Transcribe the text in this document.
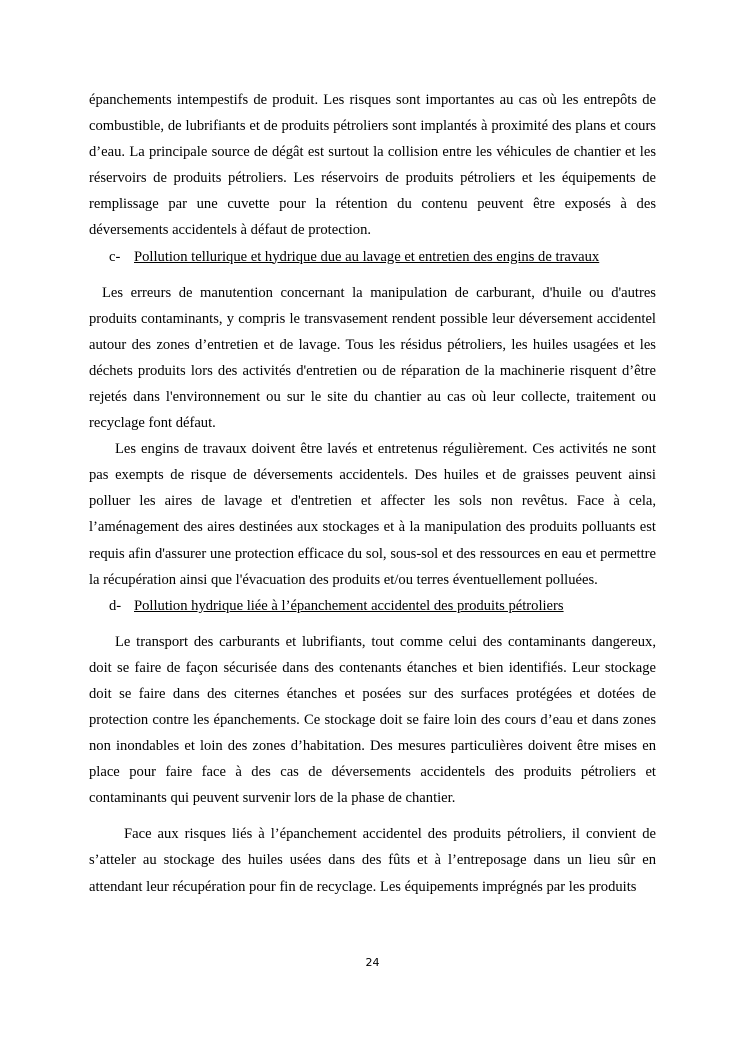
épanchements intempestifs de produit. Les risques sont importantes au cas où les entrepôts de combustible, de lubrifiants et de produits pétroliers sont implantés à proximité des plans et cours d’eau. La principale source de dégât est surtout la collision entre les véhicules de chantier et les réservoirs de produits pétroliers. Les réservoirs de produits pétroliers et les équipements de remplissage par une cuvette pour la rétention du contenu peuvent être exposés à des déversements accidentels à défaut de protection.

c- Pollution tellurique et hydrique due au lavage et entretien des engins de travaux

Les erreurs de manutention concernant la manipulation de carburant, d'huile ou d'autres produits contaminants, y compris le transvasement rendent possible leur déversement accidentel autour des zones d’entretien et de lavage. Tous les résidus pétroliers, les huiles usagées et les déchets produits lors des activités d'entretien ou de réparation de la machinerie risquent d’être rejetés dans l'environnement ou sur le site du chantier au cas où leur collecte, traitement ou recyclage font défaut.

Les engins de travaux doivent être lavés et entretenus régulièrement. Ces activités ne sont pas exempts de risque de déversements accidentels. Des huiles et de graisses peuvent ainsi polluer les aires de lavage et d'entretien et affecter les sols non revêtus. Face à cela, l’aménagement des aires destinées aux stockages et à la manipulation des produits polluants est requis afin d'assurer une protection efficace du sol, sous-sol et des ressources en eau et permettre la récupération ainsi que l'évacuation des produits et/ou terres éventuellement polluées.

d- Pollution hydrique liée à l’épanchement accidentel des produits pétroliers

Le transport des carburants et lubrifiants, tout comme celui des contaminants dangereux, doit se faire de façon sécurisée dans des contenants étanches et bien identifiés. Leur stockage doit se faire dans des citernes étanches et posées sur des surfaces protégées et dotées de protection contre les épanchements. Ce stockage doit se faire loin des cours d’eau et dans zones non inondables et loin des zones d’habitation. Des mesures particulières doivent être mises en place pour faire face à des cas de déversements accidentels des produits pétroliers et contaminants qui peuvent survenir lors de la phase de chantier.

Face aux risques liés à l’épanchement accidentel des produits pétroliers, il convient de s’atteler au stockage des huiles usées dans des fûts et à l’entreposage dans un lieu sûr en attendant leur récupération pour fin de recyclage. Les équipements imprégnés par les produits

24
